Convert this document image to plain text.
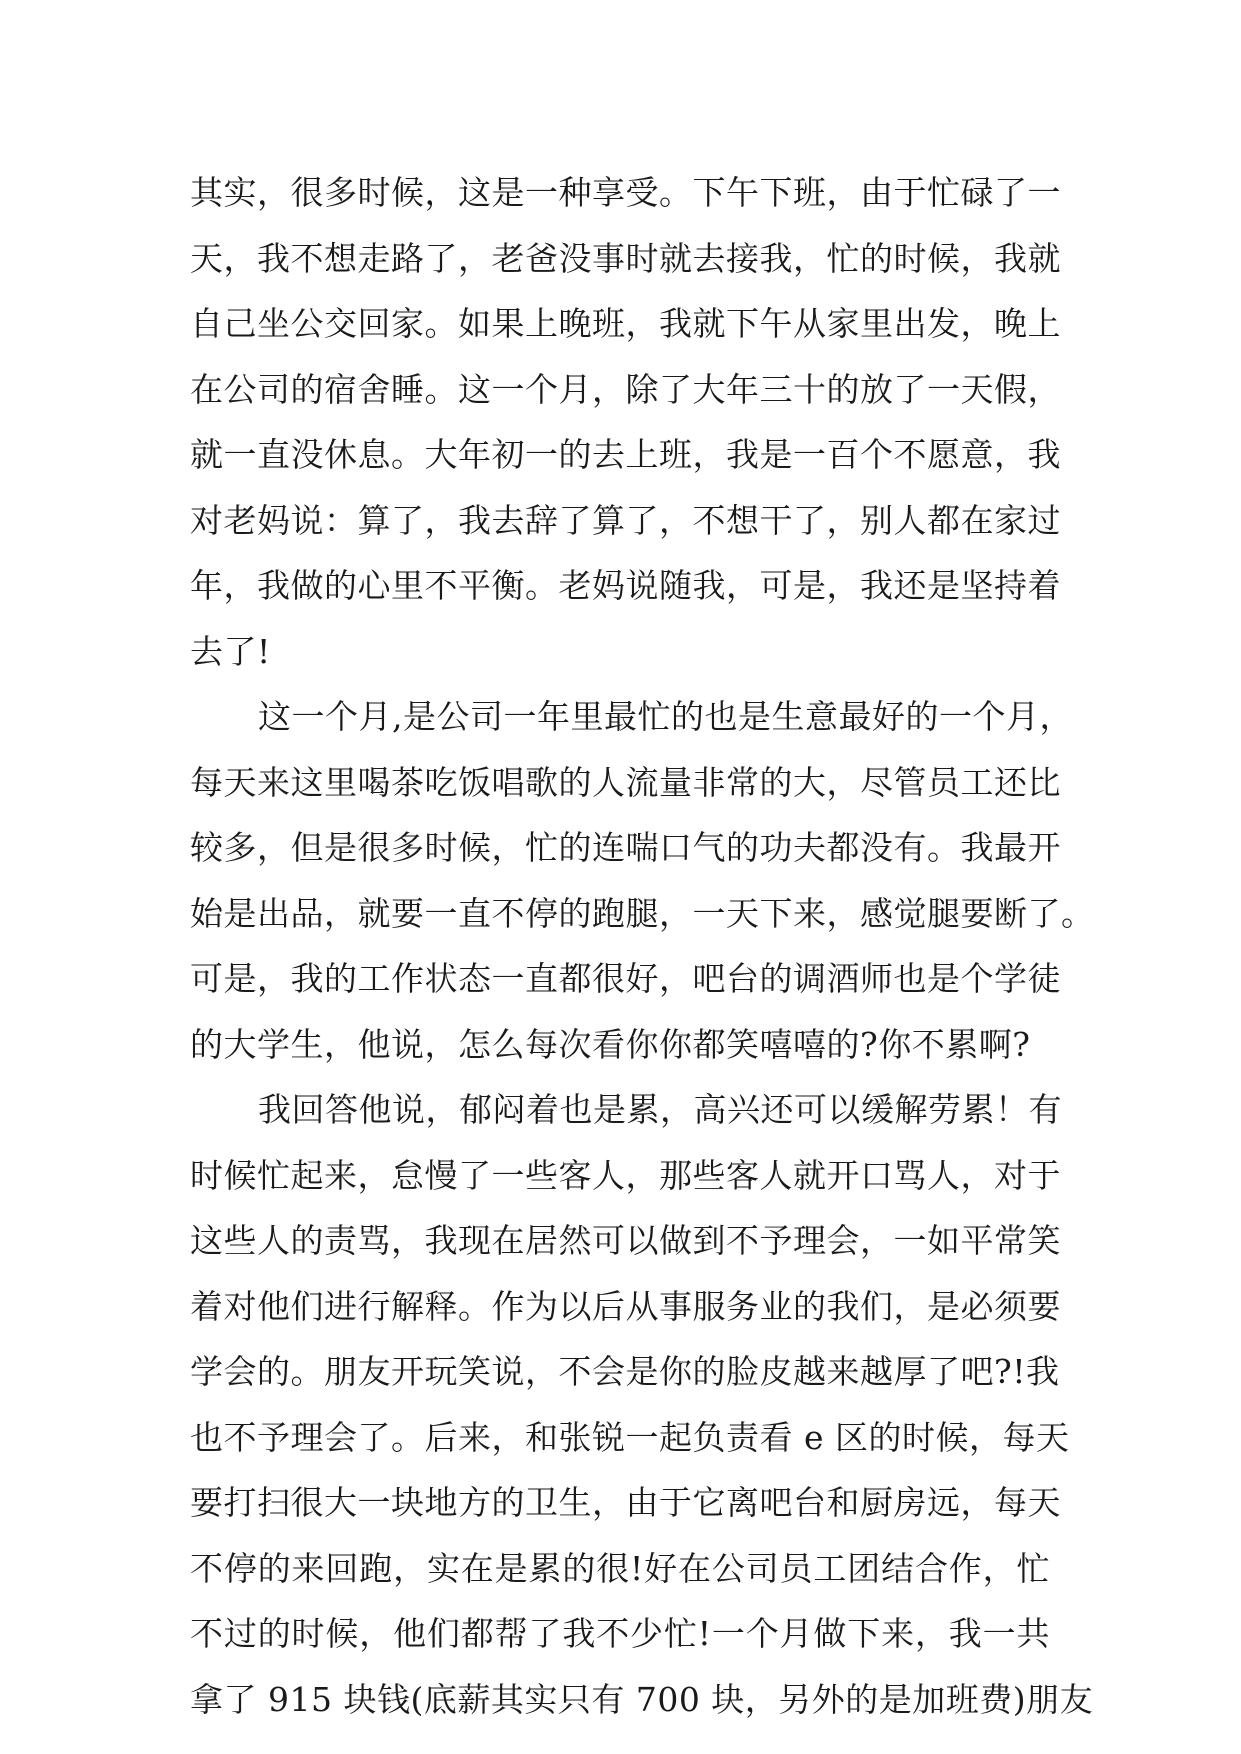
其实，很多时候，这是一种享受。下午下班，由于忙碌了一
天，我不想走路了，老爸没事时就去接我，忙的时候，我就
自己坐公交回家。如果上晚班，我就下午从家里出发，晚上
在公司的宿舍睡。这一个月，除了大年三十的放了一天假，
就一直没休息。大年初一的去上班，我是一百个不愿意，我
对老妈说：算了，我去辞了算了，不想干了，别人都在家过
年，我做的心里不平衡。老妈说随我，可是，我还是坚持着
去了!
这一个月,是公司一年里最忙的也是生意最好的一个月，
每天来这里喝茶吃饭唱歌的人流量非常的大，尽管员工还比
较多，但是很多时候，忙的连喘口气的功夫都没有。我最开
始是出品，就要一直不停的跑腿，一天下来，感觉腿要断了。
可是，我的工作状态一直都很好，吧台的调酒师也是个学徒
的大学生，他说，怎么每次看你你都笑嘻嘻的?你不累啊?
我回答他说，郁闷着也是累，高兴还可以缓解劳累！有
时候忙起来，怠慢了一些客人，那些客人就开口骂人，对于
这些人的责骂，我现在居然可以做到不予理会，一如平常笑
着对他们进行解释。作为以后从事服务业的我们，是必须要
学会的。朋友开玩笑说，不会是你的脸皮越来越厚了吧?!我
也不予理会了。后来，和张锐一起负责看 e 区的时候，每天
要打扫很大一块地方的卫生，由于它离吧台和厨房远，每天
不停的来回跑，实在是累的很!好在公司员工团结合作，忙
不过的时候，他们都帮了我不少忙!一个月做下来，我一共
拿了 915 块钱(底薪其实只有 700 块，另外的是加班费)朋友
